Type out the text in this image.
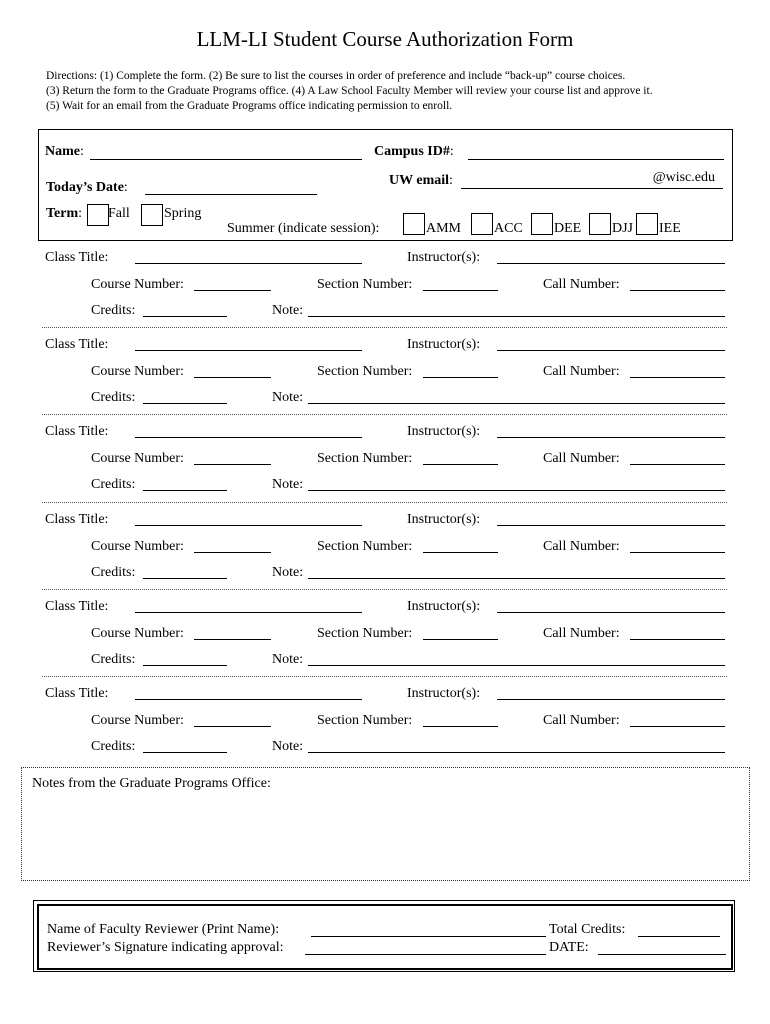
LLM-LI Student Course Authorization Form
Directions: (1) Complete the form. (2) Be sure to list the courses in order of preference and include “back-up” course choices.
(3) Return the form to the Graduate Programs office. (4) A Law School Faculty Member will review your course list and approve it.
(5) Wait for an email from the Graduate Programs office indicating permission to enroll.
Name:	Campus ID#:
Today’s Date:	UW email:	@wisc.edu
Term: Fall Spring
Summer (indicate session):	AMM ACC DEE DJJ IEE
Class Title:	Instructor(s):
Course Number:	Section Number:	Call Number:
Credits:	Note:
Class Title:	Instructor(s):
Course Number:	Section Number:	Call Number:
Credits:	Note:
Class Title:	Instructor(s):
Course Number:	Section Number:	Call Number:
Credits:	Note:
Class Title:	Instructor(s):
Course Number:	Section Number:	Call Number:
Credits:	Note:
Class Title:	Instructor(s):
Course Number:	Section Number:	Call Number:
Credits:	Note:
Class Title:	Instructor(s):
Course Number:	Section Number:	Call Number:
Credits:	Note:
Notes from the Graduate Programs Office:
Name of Faculty Reviewer (Print Name):	Total Credits:
Reviewer’s Signature indicating approval:	DATE:
